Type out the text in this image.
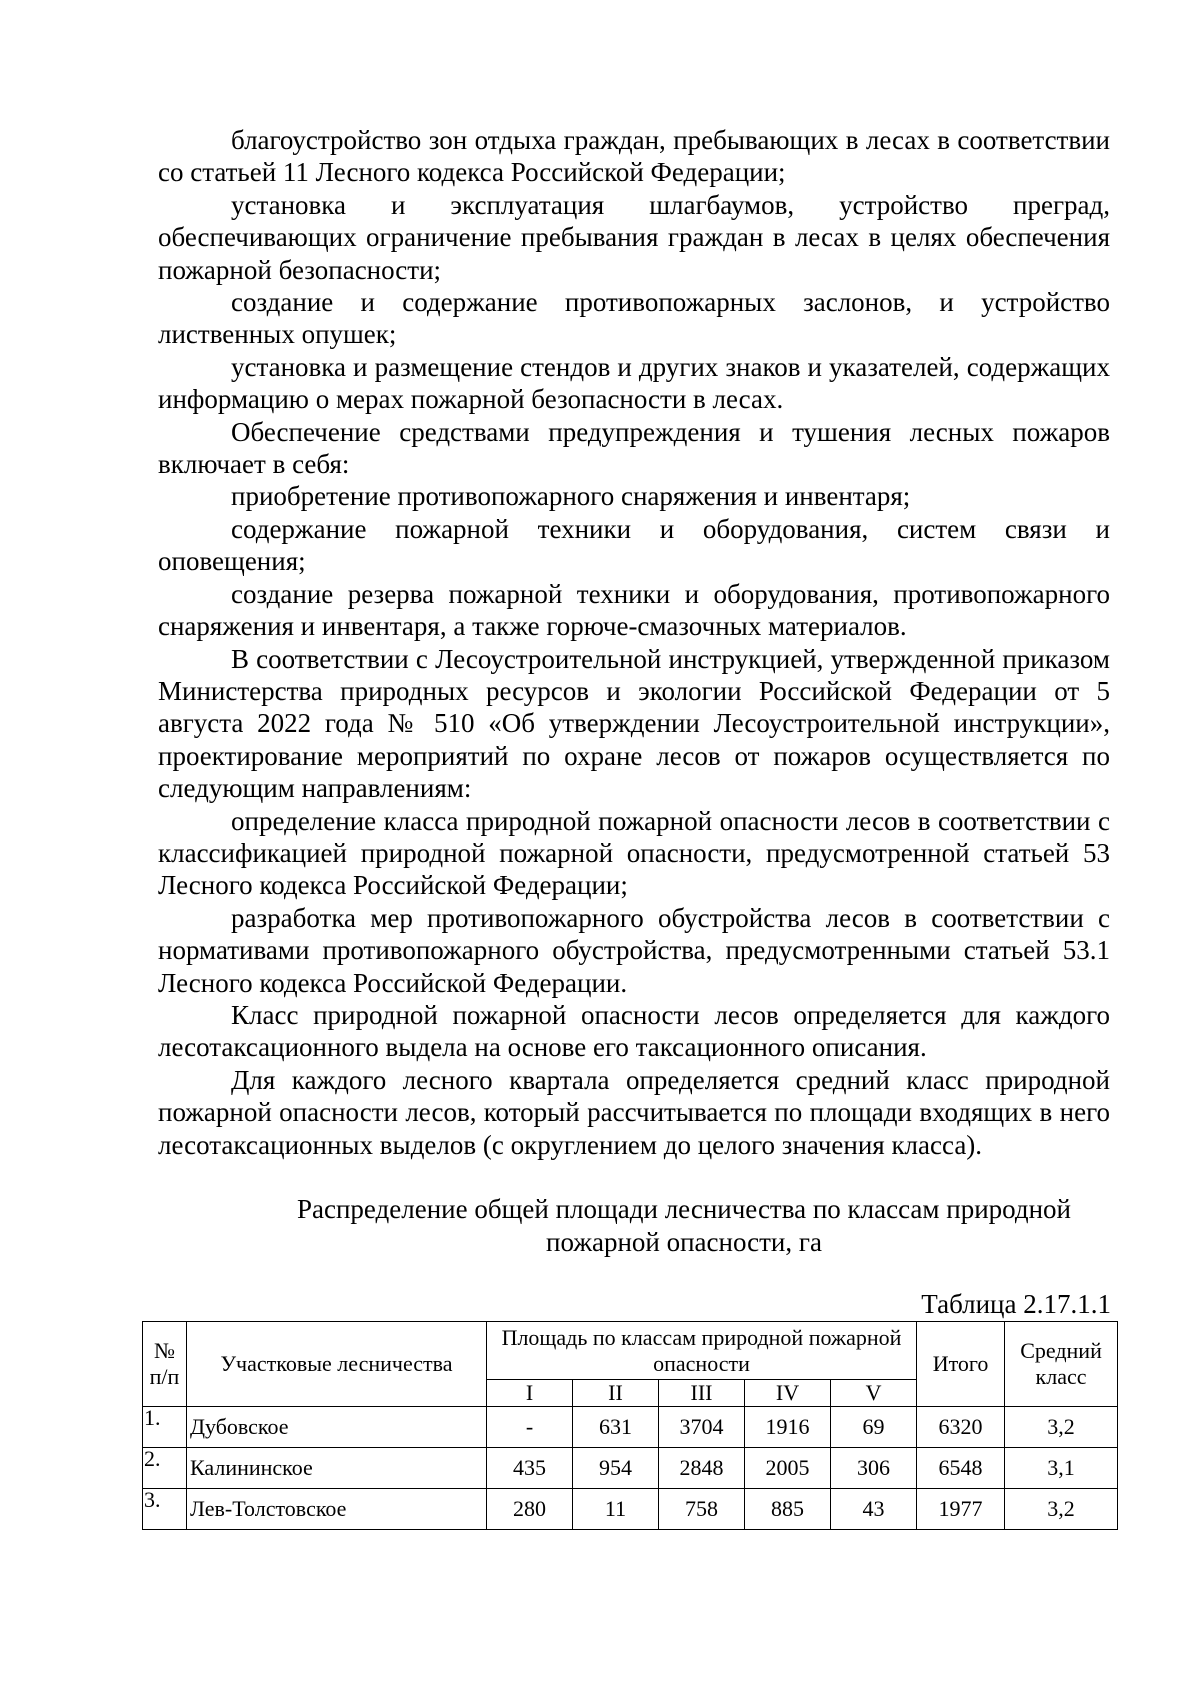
благоустройство зон отдыха граждан, пребывающих в лесах в соответствии со статьей 11 Лесного кодекса Российской Федерации;

установка и эксплуатация шлагбаумов, устройство преград, обеспечивающих ограничение пребывания граждан в лесах в целях обеспечения пожарной безопасности;

создание и содержание противопожарных заслонов, и устройство лиственных опушек;

установка и размещение стендов и других знаков и указателей, содержащих информацию о мерах пожарной безопасности в лесах.

Обеспечение средствами предупреждения и тушения лесных пожаров включает в себя:

приобретение противопожарного снаряжения и инвентаря;

содержание пожарной техники и оборудования, систем связи и оповещения;

создание резерва пожарной техники и оборудования, противопожарного снаряжения и инвентаря, а также горюче-смазочных материалов.

В соответствии с Лесоустроительной инструкцией, утвержденной приказом Министерства природных ресурсов и экологии Российской Федерации от 5 августа 2022 года № 510 «Об утверждении Лесоустроительной инструкции», проектирование мероприятий по охране лесов от пожаров осуществляется по следующим направлениям:

определение класса природной пожарной опасности лесов в соответствии с классификацией природной пожарной опасности, предусмотренной статьей 53 Лесного кодекса Российской Федерации;

разработка мер противопожарного обустройства лесов в соответствии с нормативами противопожарного обустройства, предусмотренными статьей 53.1 Лесного кодекса Российской Федерации.

Класс природной пожарной опасности лесов определяется для каждого лесотаксационного выдела на основе его таксационного описания.

Для каждого лесного квартала определяется средний класс природной пожарной опасности лесов, который рассчитывается по площади входящих в него лесотаксационных выделов (с округлением до целого значения класса).

Распределение общей площади лесничества по классам природной
пожарной опасности, га
Таблица 2.17.1.1
№ п/п	Участковые лесничества	Площадь по классам природной пожарной опасности					Итого	Средний класс
		I	II	III	IV	V		
1.	Дубовское	-	631	3704	1916	69	6320	3,2
2.	Калининское	435	954	2848	2005	306	6548	3,1
3.	Лев-Толстовское	280	11	758	885	43	1977	3,2
